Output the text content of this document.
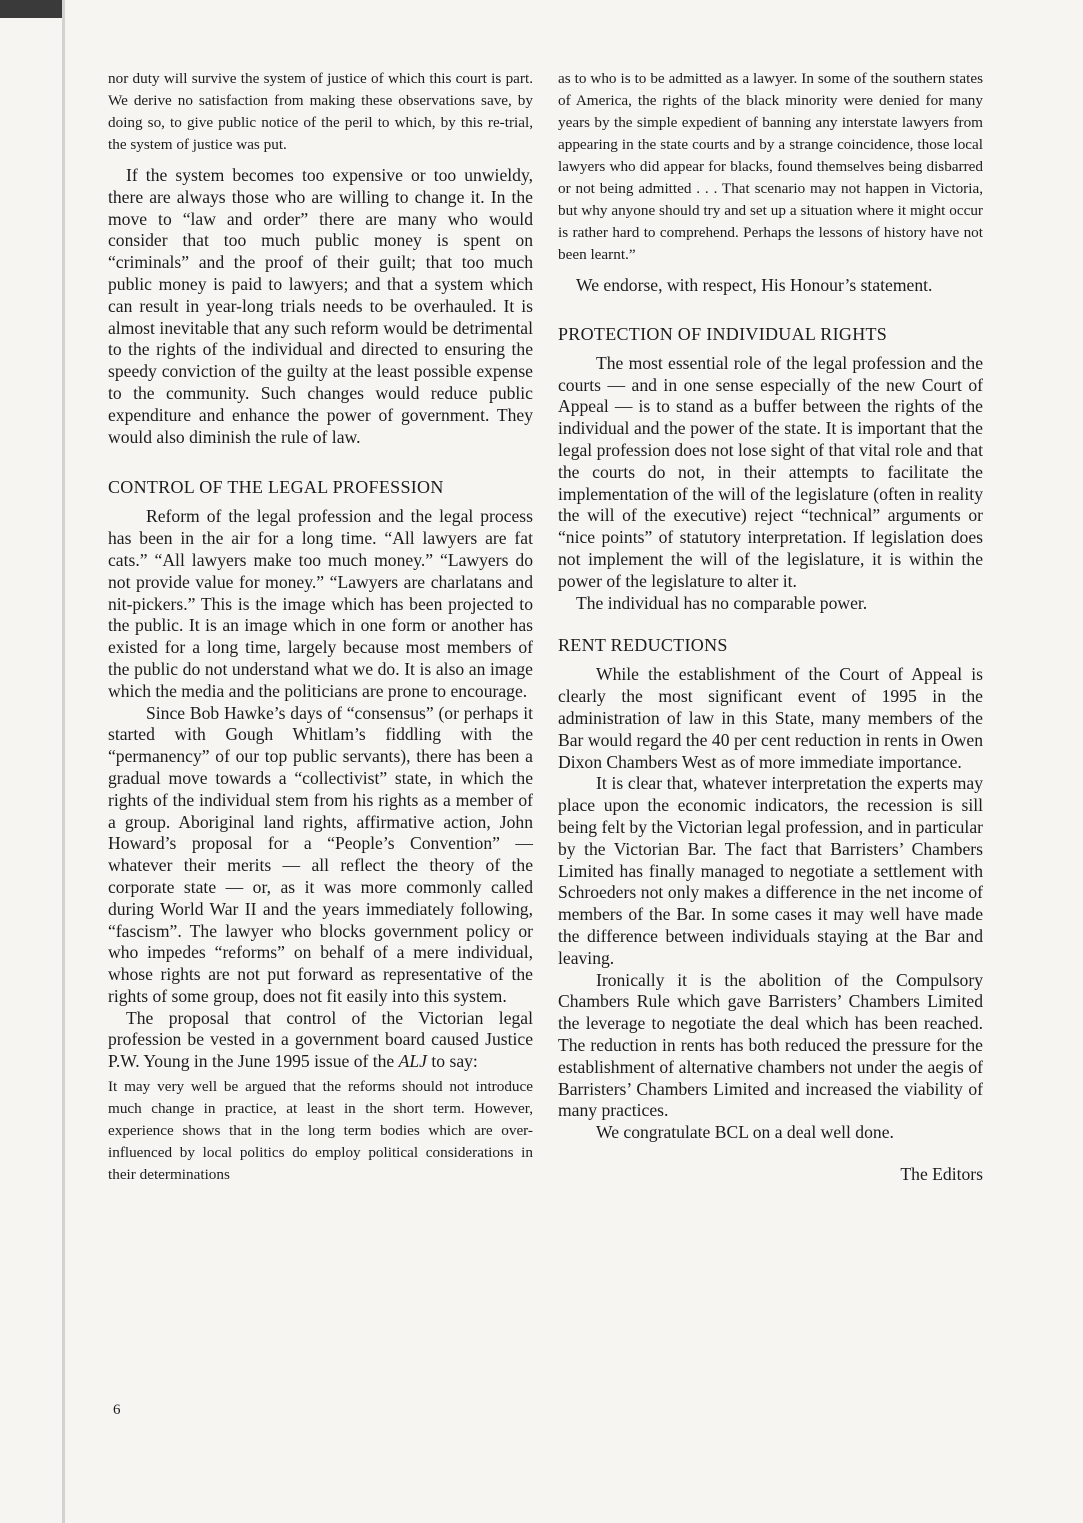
nor duty will survive the system of justice of which this court is part. We derive no satisfaction from making these observations save, by doing so, to give public notice of the peril to which, by this re-trial, the system of justice was put.

If the system becomes too expensive or too unwieldy, there are always those who are willing to change it. In the move to “law and order” there are many who would consider that too much public money is spent on “criminals” and the proof of their guilt; that too much public money is paid to lawyers; and that a system which can result in year-long trials needs to be overhauled. It is almost inevitable that any such reform would be detrimental to the rights of the individual and directed to ensuring the speedy conviction of the guilty at the least possible expense to the community. Such changes would reduce public expenditure and enhance the power of government. They would also diminish the rule of law.

CONTROL OF THE LEGAL PROFESSION

Reform of the legal profession and the legal process has been in the air for a long time. “All lawyers are fat cats.” “All lawyers make too much money.” “Lawyers do not provide value for money.” “Lawyers are charlatans and nit-pickers.” This is the image which has been projected to the public. It is an image which in one form or another has existed for a long time, largely because most members of the public do not understand what we do. It is also an image which the media and the politicians are prone to encourage.

Since Bob Hawke’s days of “consensus” (or perhaps it started with Gough Whitlam’s fiddling with the “permanency” of our top public servants), there has been a gradual move towards a “collectivist” state, in which the rights of the individual stem from his rights as a member of a group. Aboriginal land rights, affirmative action, John Howard’s proposal for a “People’s Convention” — whatever their merits — all reflect the theory of the corporate state — or, as it was more commonly called during World War II and the years immediately following, “fascism”. The lawyer who blocks government policy or who impedes “reforms” on behalf of a mere individual, whose rights are not put forward as representative of the rights of some group, does not fit easily into this system.

The proposal that control of the Victorian legal profession be vested in a government board caused Justice P.W. Young in the June 1995 issue of the ALJ to say:

It may very well be argued that the reforms should not introduce much change in practice, at least in the short term. However, experience shows that in the long term bodies which are over-influenced by local politics do employ political considerations in their determinations

as to who is to be admitted as a lawyer. In some of the southern states of America, the rights of the black minority were denied for many years by the simple expedient of banning any interstate lawyers from appearing in the state courts and by a strange coincidence, those local lawyers who did appear for blacks, found themselves being disbarred or not being admitted . . . That scenario may not happen in Victoria, but why anyone should try and set up a situation where it might occur is rather hard to comprehend. Perhaps the lessons of history have not been learnt.”

We endorse, with respect, His Honour’s statement.

PROTECTION OF INDIVIDUAL RIGHTS

The most essential role of the legal profession and the courts — and in one sense especially of the new Court of Appeal — is to stand as a buffer between the rights of the individual and the power of the state. It is important that the legal profession does not lose sight of that vital role and that the courts do not, in their attempts to facilitate the implementation of the will of the legislature (often in reality the will of the executive) reject “technical” arguments or “nice points” of statutory interpretation. If legislation does not implement the will of the legislature, it is within the power of the legislature to alter it.

The individual has no comparable power.

RENT REDUCTIONS

While the establishment of the Court of Appeal is clearly the most significant event of 1995 in the administration of law in this State, many members of the Bar would regard the 40 per cent reduction in rents in Owen Dixon Chambers West as of more immediate importance.

It is clear that, whatever interpretation the experts may place upon the economic indicators, the recession is sill being felt by the Victorian legal profession, and in particular by the Victorian Bar. The fact that Barristers’ Chambers Limited has finally managed to negotiate a settlement with Schroeders not only makes a difference in the net income of members of the Bar. In some cases it may well have made the difference between individuals staying at the Bar and leaving.

Ironically it is the abolition of the Compulsory Chambers Rule which gave Barristers’ Chambers Limited the leverage to negotiate the deal which has been reached. The reduction in rents has both reduced the pressure for the establishment of alternative chambers not under the aegis of Barristers’ Chambers Limited and increased the viability of many practices.

We congratulate BCL on a deal well done.

The Editors

6
